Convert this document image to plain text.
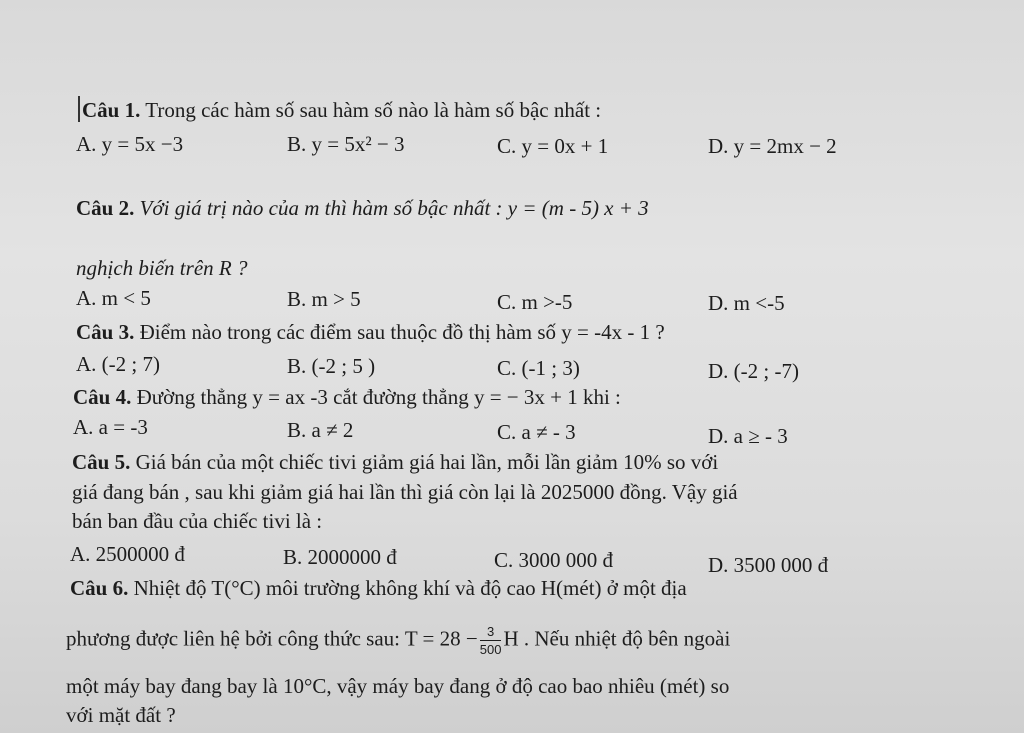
Câu 1. Trong các hàm số sau hàm số nào là hàm số bậc nhất :
A. y = 5x −3	B. y = 5x² − 3	C. y = 0x + 1	D. y = 2mx − 2
Câu 2. Với giá trị nào của m thì hàm số bậc nhất : y = (m - 5) x + 3
nghịch biến trên R ?
A. m < 5	B. m > 5	C. m >-5	D. m <-5
Câu 3. Điểm nào trong các điểm sau thuộc đồ thị hàm số y = -4x - 1 ?
A. (-2 ; 7)	B. (-2 ; 5 )	C. (-1 ; 3)	D. (-2 ; -7)
Câu 4. Đường thẳng y = ax -3 cắt đường thẳng y = − 3x + 1 khi :
A. a = -3	B. a ≠ 2	C. a ≠ - 3	D. a ≥ - 3
Câu 5. Giá bán của một chiếc tivi giảm giá hai lần, mỗi lần giảm 10% so với
giá đang bán , sau khi giảm giá hai lần thì giá còn lại là 2025000 đồng. Vậy giá
bán ban đầu của chiếc tivi là :
A. 2500000 đ	B. 2000000 đ	C. 3000 000 đ	D. 3500 000 đ
Câu 6. Nhiệt độ T(°C) môi trường không khí và độ cao H(mét) ở một địa
phương được liên hệ bởi công thức sau: $T = 28 - \frac{3}{500}$ H . Nếu nhiệt độ bên ngoài
một máy bay đang bay là 10°C, vậy máy bay đang ở độ cao bao nhiêu (mét) so
với mặt đất ?
